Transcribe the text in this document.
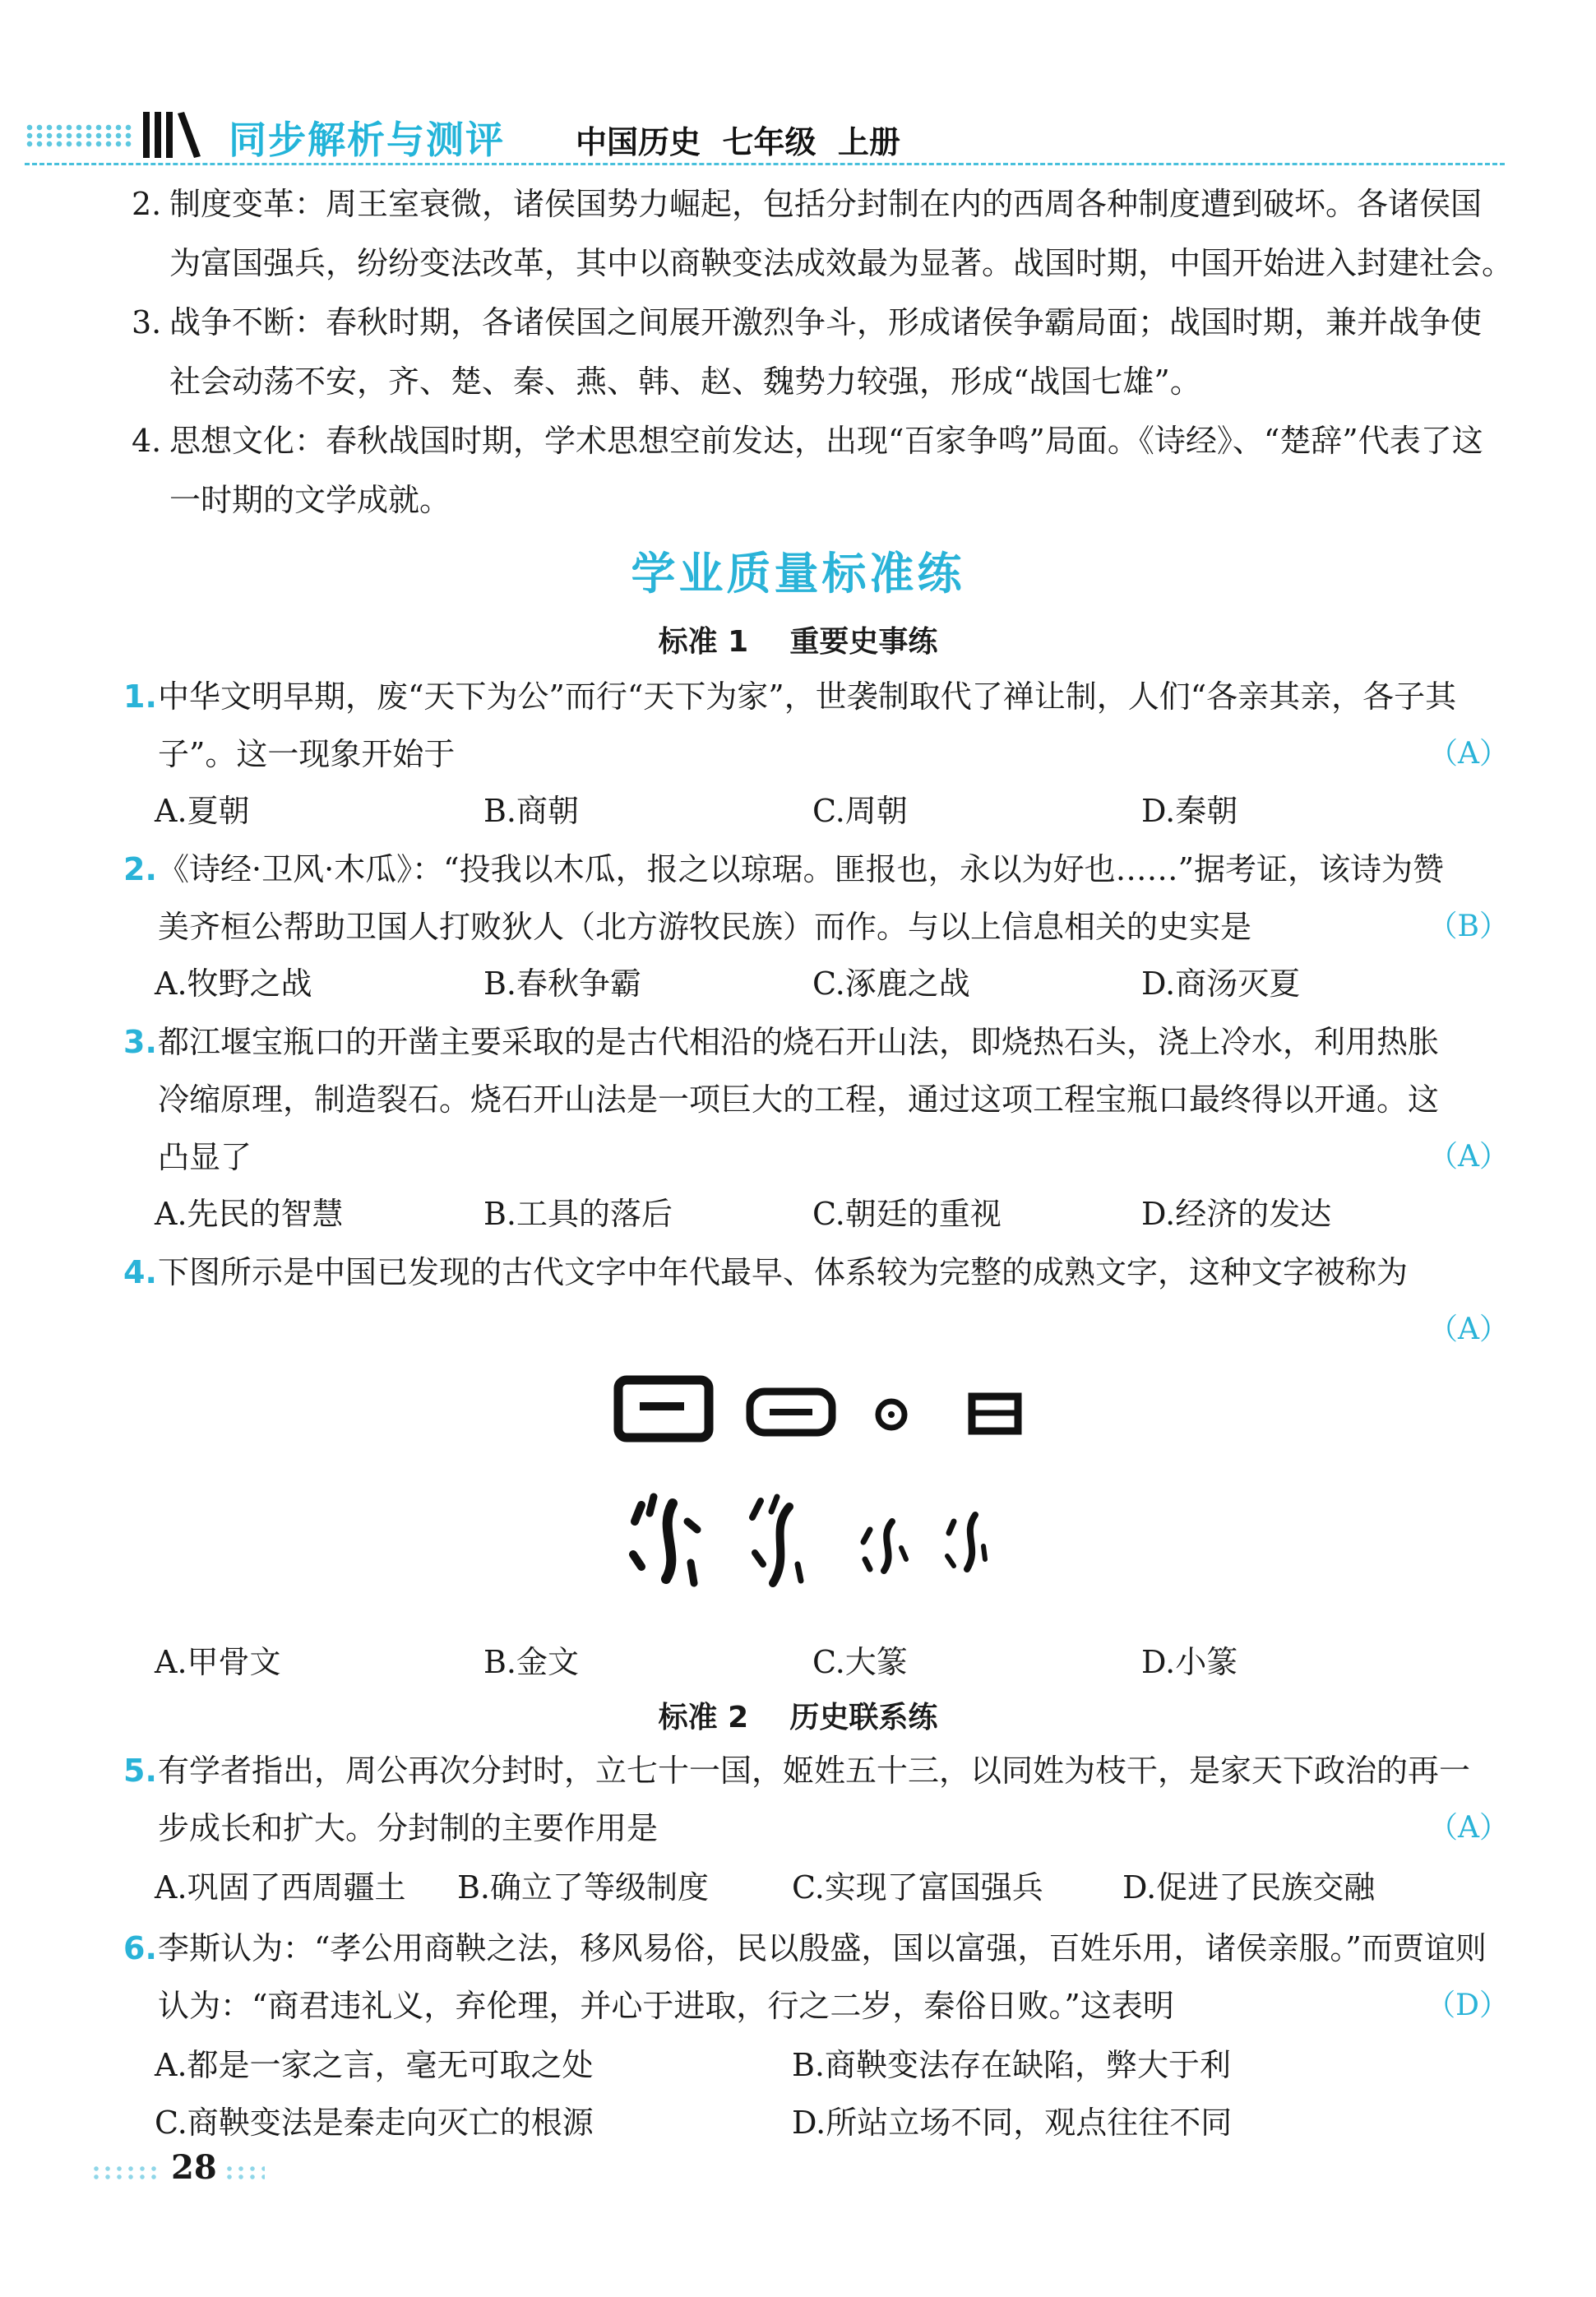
同步解析与测评 中国历史  七年级  上册
2. 制度变革：周王室衰微，诸侯国势力崛起，包括分封制在内的西周各种制度遭到破坏。各诸侯国
为富国强兵，纷纷变法改革，其中以商鞅变法成效最为显著。战国时期，中国开始进入封建社会。
3. 战争不断：春秋时期，各诸侯国之间展开激烈争斗，形成诸侯争霸局面；战国时期，兼并战争使
社会动荡不安，齐、楚、秦、燕、韩、赵、魏势力较强，形成“战国七雄”。
4. 思想文化：春秋战国时期，学术思想空前发达，出现“百家争鸣”局面。《诗经》、“楚辞”代表了这
一时期的文学成就。
学业质量标准练
标准 1    重要史事练
1. 中华文明早期，废“天下为公”而行“天下为家”，世袭制取代了禅让制，人们“各亲其亲，各子其
子”。这一现象开始于	（A）
A.夏朝	B.商朝	C.周朝	D.秦朝
2. 《诗经·卫风·木瓜》：“投我以木瓜，报之以琼琚。匪报也，永以为好也……”据考证，该诗为赞
美齐桓公帮助卫国人打败狄人（北方游牧民族）而作。与以上信息相关的史实是	（B）
A.牧野之战	B.春秋争霸	C.涿鹿之战	D.商汤灭夏
3. 都江堰宝瓶口的开凿主要采取的是古代相沿的烧石开山法，即烧热石头，浇上冷水，利用热胀
冷缩原理，制造裂石。烧石开山法是一项巨大的工程，通过这项工程宝瓶口最终得以开通。这
凸显了	（A）
A.先民的智慧	B.工具的落后	C.朝廷的重视	D.经济的发达
4. 下图所示是中国已发现的古代文字中年代最早、体系较为完整的成熟文字，这种文字被称为
（A）
A.甲骨文	B.金文	C.大篆	D.小篆
标准 2    历史联系练
5. 有学者指出，周公再次分封时，立七十一国，姬姓五十三，以同姓为枝干，是家天下政治的再一
步成长和扩大。分封制的主要作用是	（A）
A.巩固了西周疆土 B.确立了等级制度	C.实现了富国强兵	D.促进了民族交融
6. 李斯认为：“孝公用商鞅之法，移风易俗，民以殷盛，国以富强，百姓乐用，诸侯亲服。”而贾谊则
认为：“商君违礼义，弃伦理，并心于进取，行之二岁，秦俗日败。”这表明	（D）
A.都是一家之言，毫无可取之处	B.商鞅变法存在缺陷，弊大于利
C.商鞅变法是秦走向灭亡的根源	D.所站立场不同，观点往往不同
28
